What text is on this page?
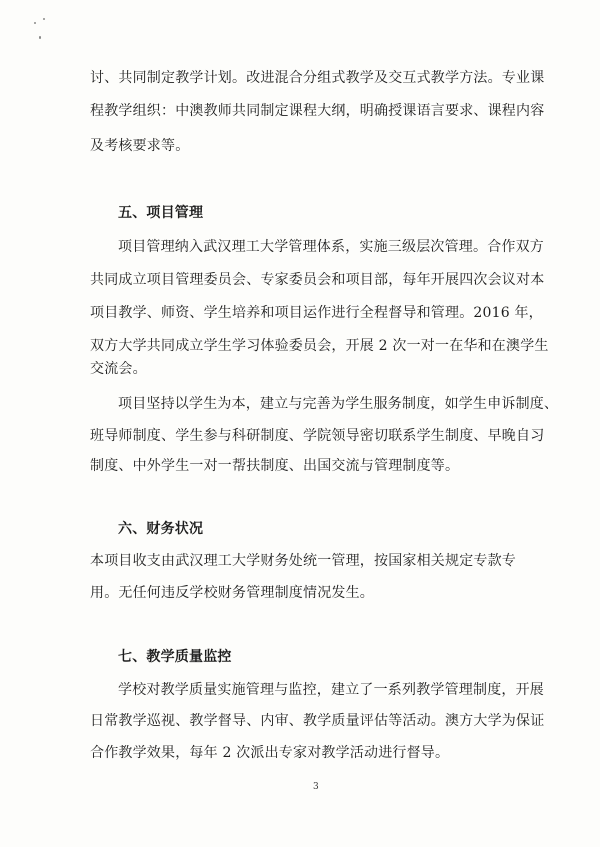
讨、共同制定教学计划。改进混合分组式教学及交互式教学方法。专业课
程教学组织：中澳教师共同制定课程大纲，明确授课语言要求、课程内容
及考核要求等。
五、项目管理
项目管理纳入武汉理工大学管理体系，实施三级层次管理。合作双方
共同成立项目管理委员会、专家委员会和项目部，每年开展四次会议对本
项目教学、师资、学生培养和项目运作进行全程督导和管理。2016 年，
双方大学共同成立学生学习体验委员会，开展 2 次一对一在华和在澳学生
交流会。
项目坚持以学生为本，建立与完善为学生服务制度，如学生申诉制度、
班导师制度、学生参与科研制度、学院领导密切联系学生制度、早晚自习
制度、中外学生一对一帮扶制度、出国交流与管理制度等。
六、财务状况
本项目收支由武汉理工大学财务处统一管理，按国家相关规定专款专
用。无任何违反学校财务管理制度情况发生。
七、教学质量监控
学校对教学质量实施管理与监控，建立了一系列教学管理制度，开展
日常教学巡视、教学督导、内审、教学质量评估等活动。澳方大学为保证
合作教学效果，每年 2 次派出专家对教学活动进行督导。
3
